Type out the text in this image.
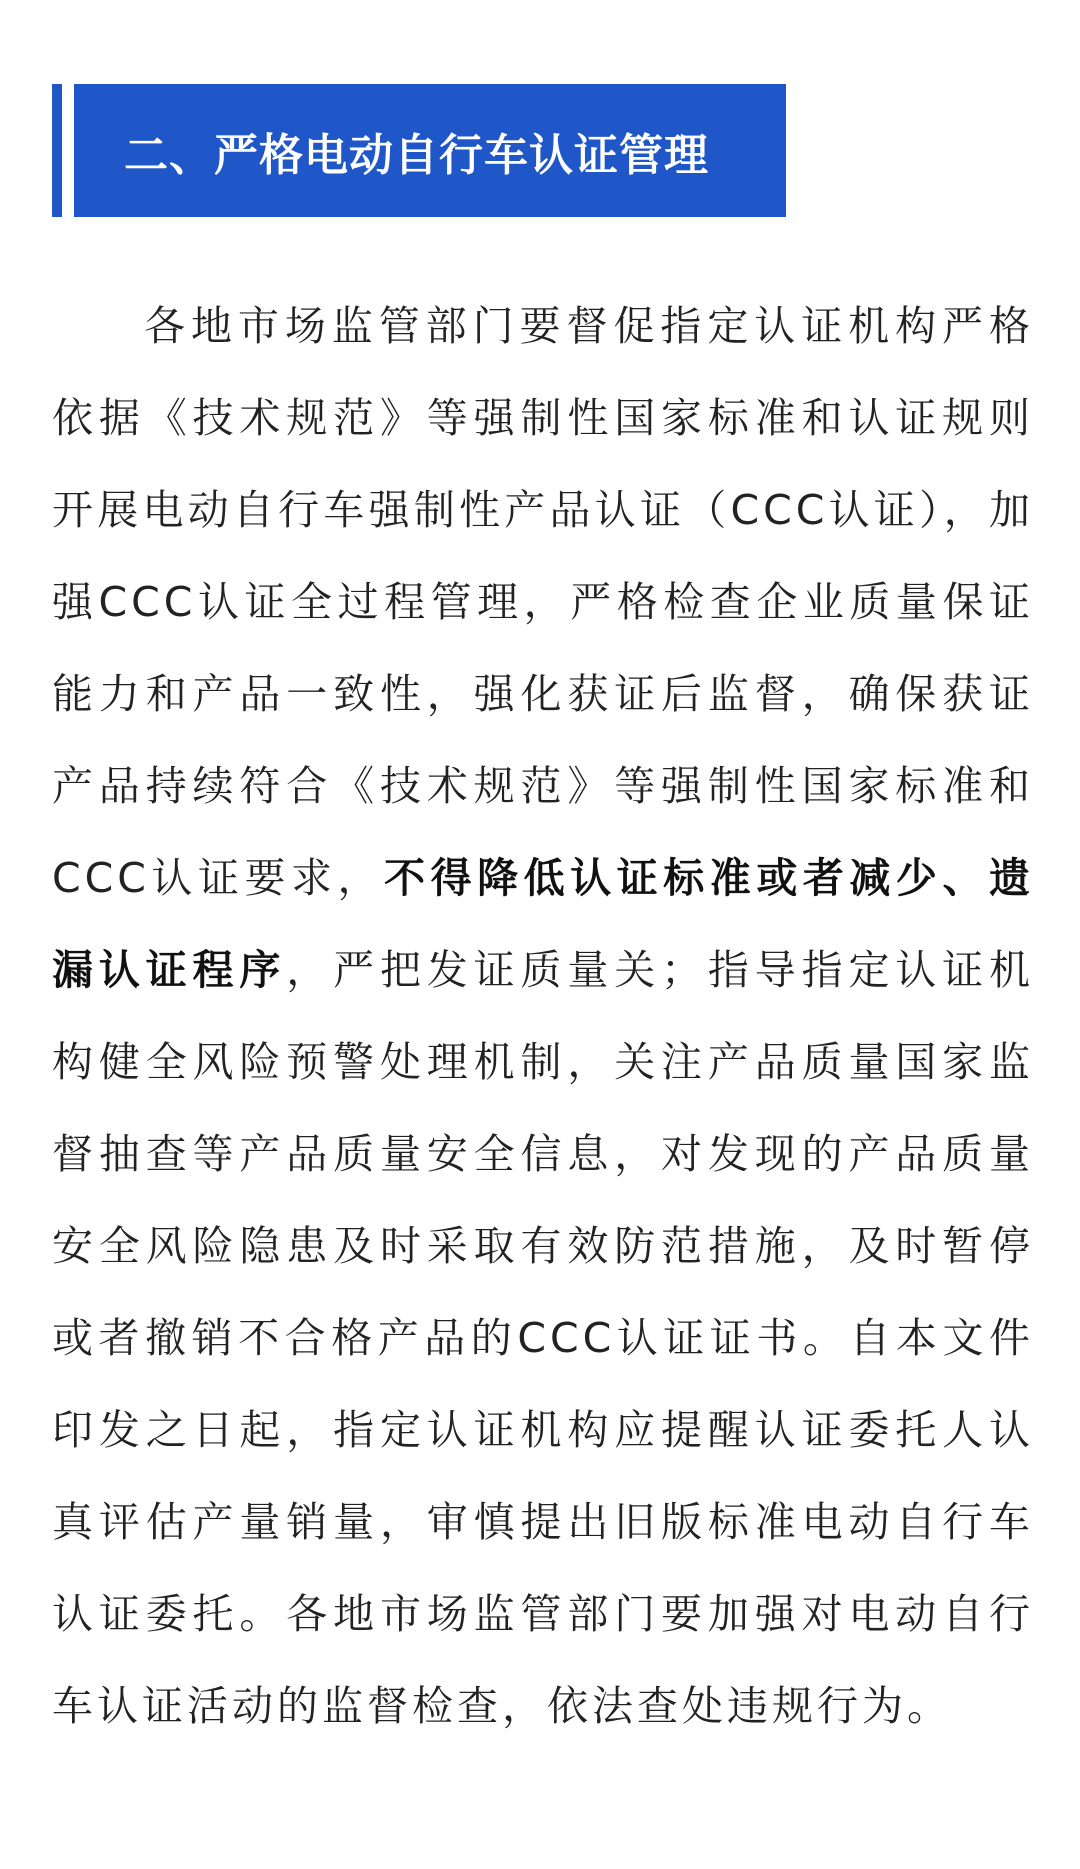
二、严格电动自行车认证管理

各地市场监管部门要督促指定认证机构严格依据《技术规范》等强制性国家标准和认证规则开展电动自行车强制性产品认证（CCC认证），加强CCC认证全过程管理，严格检查企业质量保证能力和产品一致性，强化获证后监督，确保获证产品持续符合《技术规范》等强制性国家标准和CCC认证要求，不得降低认证标准或者减少、遗漏认证程序，严把发证质量关；指导指定认证机构健全风险预警处理机制，关注产品质量国家监督抽查等产品质量安全信息，对发现的产品质量安全风险隐患及时采取有效防范措施，及时暂停或者撤销不合格产品的CCC认证证书。自本文件印发之日起，指定认证机构应提醒认证委托人认真评估产量销量，审慎提出旧版标准电动自行车认证委托。各地市场监管部门要加强对电动自行车认证活动的监督检查，依法查处违规行为。
